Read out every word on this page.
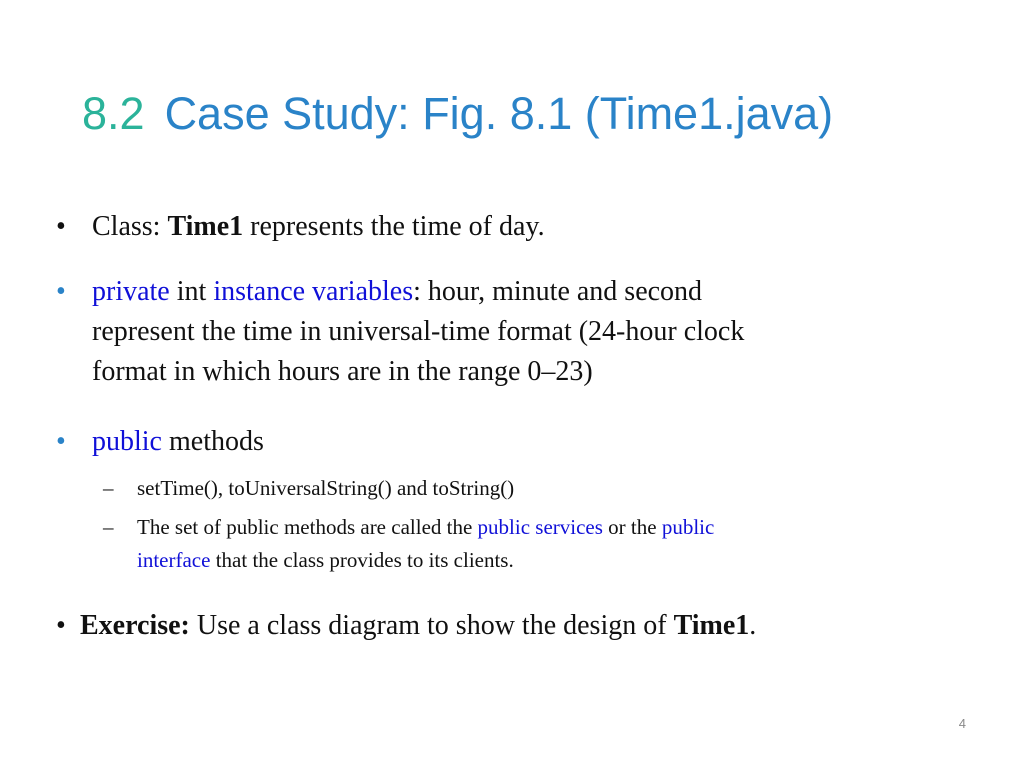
8.2 Case Study: Fig. 8.1 (Time1.java)
• Class: Time1 represents the time of day.
• private int instance variables: hour, minute and second
represent the time in universal-time format (24-hour clock
format in which hours are in the range 0–23)
• public methods
– setTime(), toUniversalString() and toString()
– The set of public methods are called the public services or the public
interface that the class provides to its clients.
• Exercise: Use a class diagram to show the design of Time1.
4
